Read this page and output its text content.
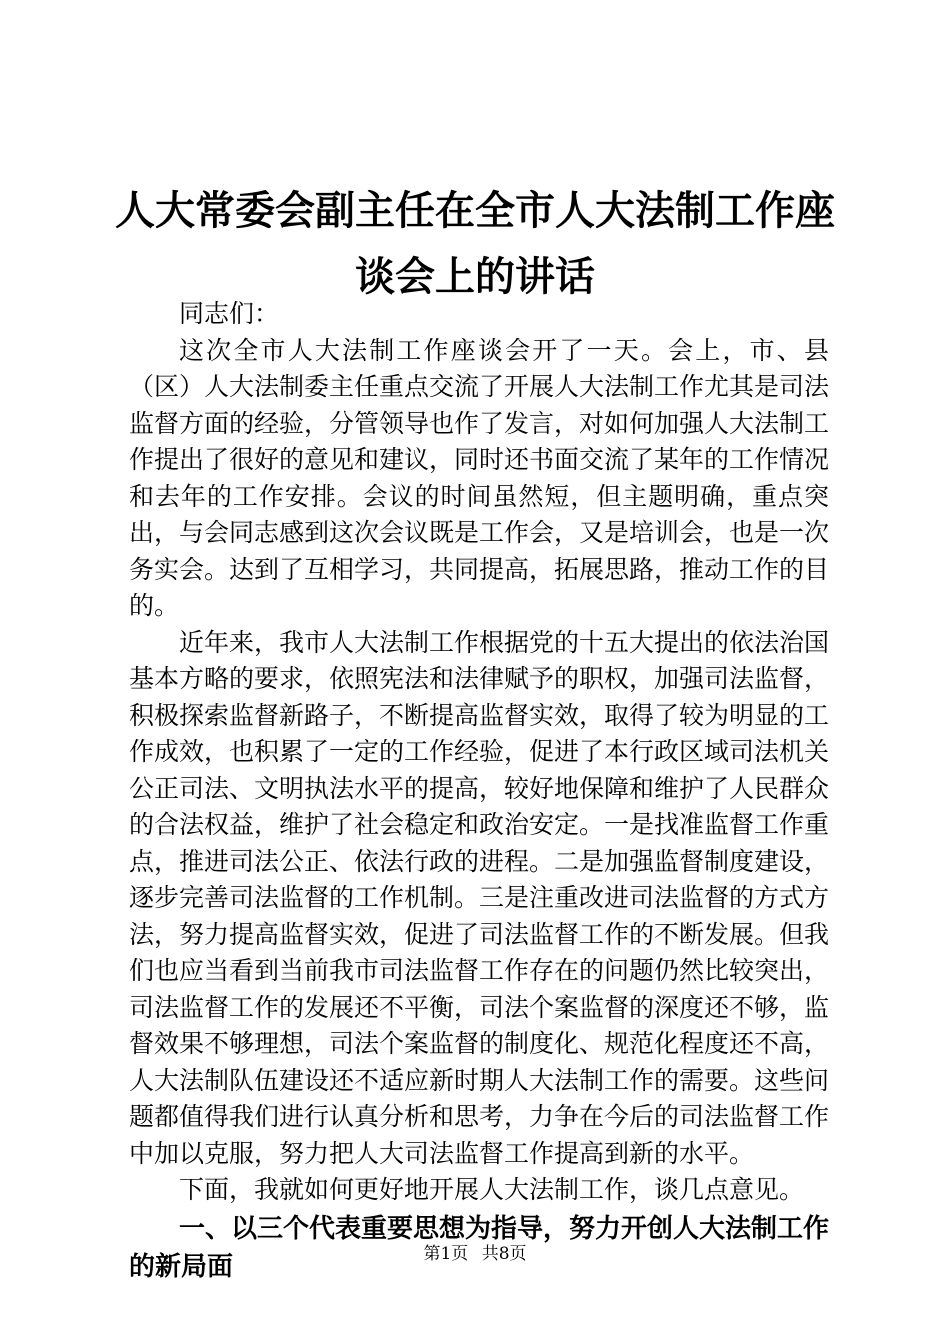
人大常委会副主任在全市人大法制工作座谈会上的讲话

同志们：

这次全市人大法制工作座谈会开了一天。会上，市、县（区）人大法制委主任重点交流了开展人大法制工作尤其是司法监督方面的经验，分管领导也作了发言，对如何加强人大法制工作提出了很好的意见和建议，同时还书面交流了某年的工作情况和去年的工作安排。会议的时间虽然短，但主题明确，重点突出，与会同志感到这次会议既是工作会，又是培训会，也是一次务实会。达到了互相学习，共同提高，拓展思路，推动工作的目的。

近年来，我市人大法制工作根据党的十五大提出的依法治国基本方略的要求，依照宪法和法律赋予的职权，加强司法监督，积极探索监督新路子，不断提高监督实效，取得了较为明显的工作成效，也积累了一定的工作经验，促进了本行政区域司法机关公正司法、文明执法水平的提高，较好地保障和维护了人民群众的合法权益，维护了社会稳定和政治安定。一是找准监督工作重点，推进司法公正、依法行政的进程。二是加强监督制度建设，逐步完善司法监督的工作机制。三是注重改进司法监督的方式方法，努力提高监督实效，促进了司法监督工作的不断发展。但我们也应当看到当前我市司法监督工作存在的问题仍然比较突出，司法监督工作的发展还不平衡，司法个案监督的深度还不够，监督效果不够理想，司法个案监督的制度化、规范化程度还不高，人大法制队伍建设还不适应新时期人大法制工作的需要。这些问题都值得我们进行认真分析和思考，力争在今后的司法监督工作中加以克服，努力把人大司法监督工作提高到新的水平。

下面，我就如何更好地开展人大法制工作，谈几点意见。

一、以三个代表重要思想为指导，努力开创人大法制工作的新局面	第1页 共8页
